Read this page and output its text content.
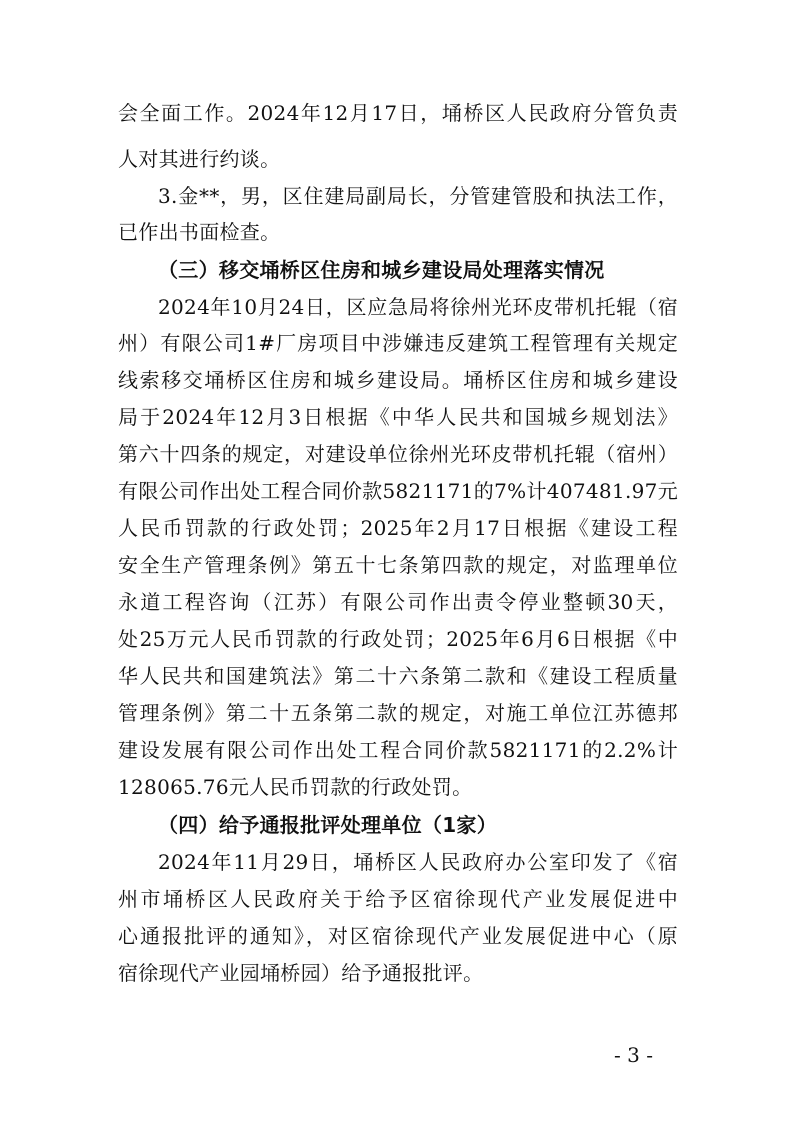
会全面工作。2024年12月17日，埇桥区人民政府分管负责
人对其进行约谈。
3.金**，男，区住建局副局长，分管建管股和执法工作，
已作出书面检查。
（三）移交埇桥区住房和城乡建设局处理落实情况
2024年10月24日，区应急局将徐州光环皮带机托辊（宿
州）有限公司1#厂房项目中涉嫌违反建筑工程管理有关规定
线索移交埇桥区住房和城乡建设局。埇桥区住房和城乡建设
局于2024年12月3日根据《中华人民共和国城乡规划法》
第六十四条的规定，对建设单位徐州光环皮带机托辊（宿州）
有限公司作出处工程合同价款5821171的7%计407481.97元
人民币罚款的行政处罚；2025年2月17日根据《建设工程
安全生产管理条例》第五十七条第四款的规定，对监理单位
永道工程咨询（江苏）有限公司作出责令停业整顿30天，
处25万元人民币罚款的行政处罚；2025年6月6日根据《中
华人民共和国建筑法》第二十六条第二款和《建设工程质量
管理条例》第二十五条第二款的规定，对施工单位江苏德邦
建设发展有限公司作出处工程合同价款5821171的2.2%计
128065.76元人民币罚款的行政处罚。
（四）给予通报批评处理单位（1家）
2024年11月29日，埇桥区人民政府办公室印发了《宿
州市埇桥区人民政府关于给予区宿徐现代产业发展促进中
心通报批评的通知》，对区宿徐现代产业发展促进中心（原
宿徐现代产业园埇桥园）给予通报批评。
- 3 -
